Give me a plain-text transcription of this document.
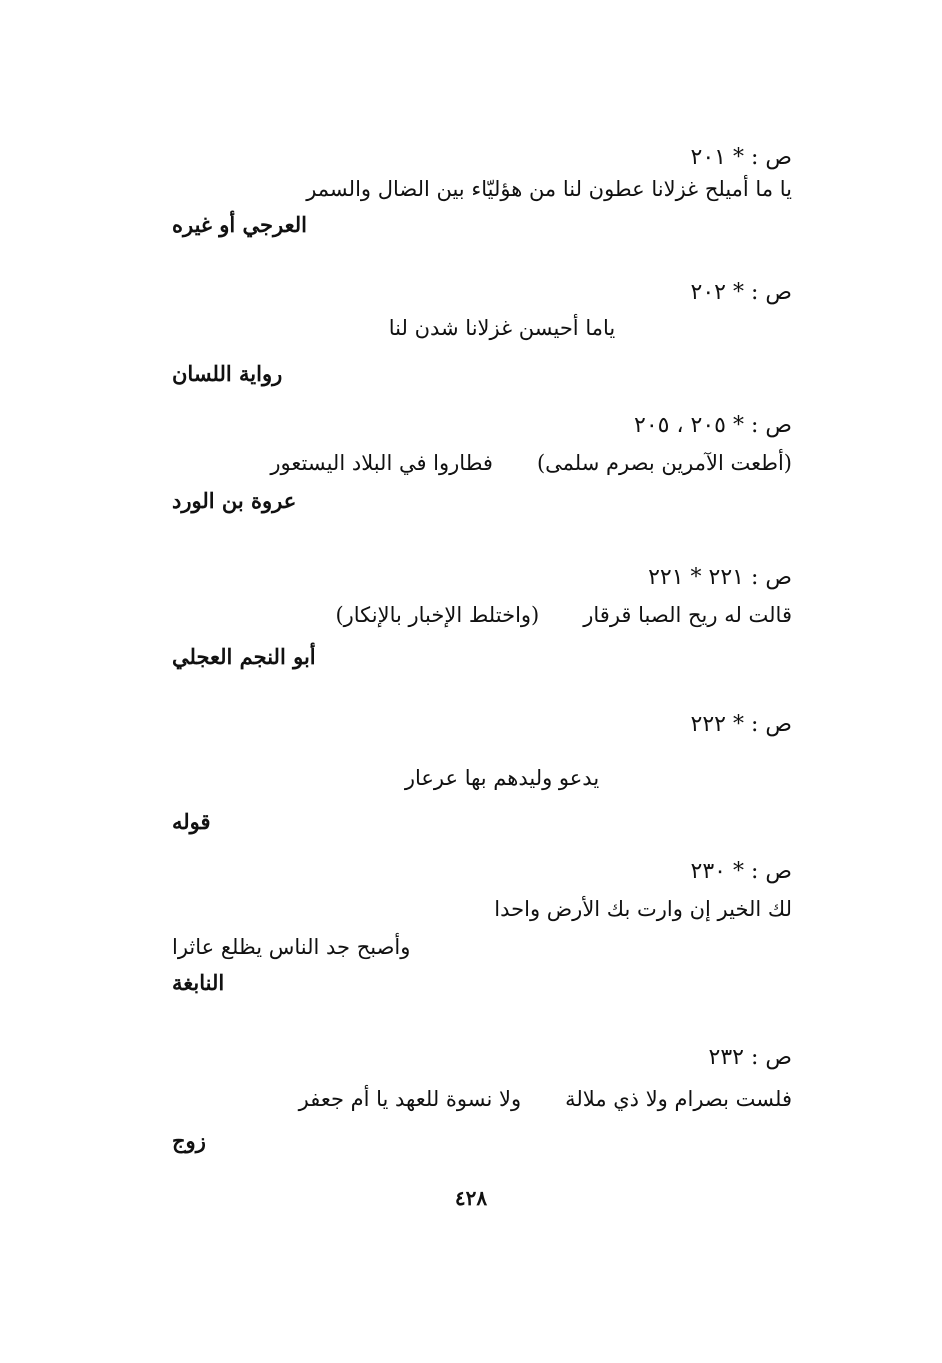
ص : * ٢٠١

يا ما أميلح غزلانا عطون لنا من هؤليّاء بين الضال والسمر

العرجي أو غيره

ص : * ٢٠٢

ياما أحيسن غزلانا شدن لنا

رواية اللسان

ص : * ٢٠٥ ، ٢٠٥

(أطعت الآمرين بصرم سلمى)فطاروا في البلاد اليستعور

عروة بن الورد

ص : ٢٢١ * ٢٢١

قالت له ريح الصبا قرقار(واختلط الإخبار بالإنكار)

أبو النجم العجلي

ص : * ٢٢٢

يدعو وليدهم بها عرعار

قوله

ص : * ٢٣٠

لك الخير إن وارت بك الأرض واحدا

وأصبح جد الناس يظلع عاثرا

النابغة

ص : ٢٣٢

فلست بصرام ولا ذي ملالةولا نسوة للعهد يا أم جعفر

زوج

٤٢٨
